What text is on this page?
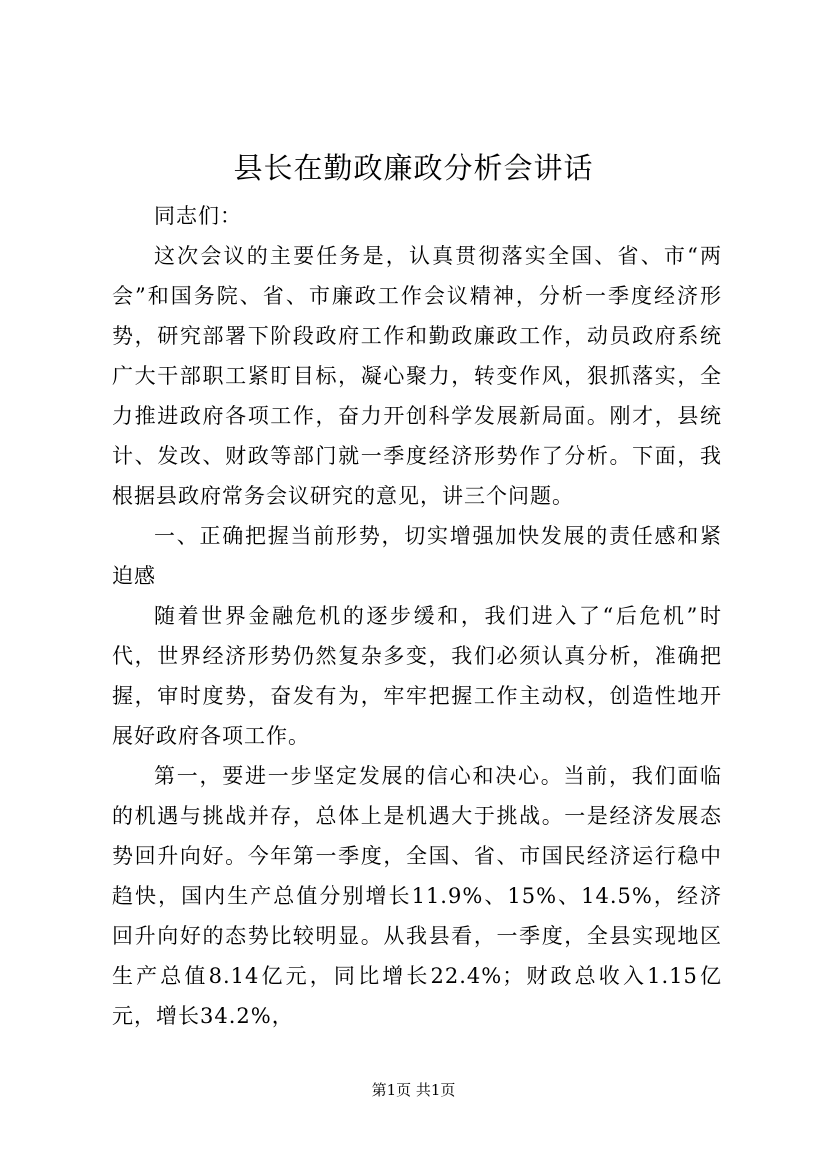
县长在勤政廉政分析会讲话

同志们：

这次会议的主要任务是，认真贯彻落实全国、省、市“两会”和国务院、省、市廉政工作会议精神，分析一季度经济形势，研究部署下阶段政府工作和勤政廉政工作，动员政府系统广大干部职工紧盯目标，凝心聚力，转变作风，狠抓落实，全力推进政府各项工作，奋力开创科学发展新局面。刚才，县统计、发改、财政等部门就一季度经济形势作了分析。下面，我根据县政府常务会议研究的意见，讲三个问题。

一、正确把握当前形势，切实增强加快发展的责任感和紧迫感

随着世界金融危机的逐步缓和，我们进入了“后危机”时代，世界经济形势仍然复杂多变，我们必须认真分析，准确把握，审时度势，奋发有为，牢牢把握工作主动权，创造性地开展好政府各项工作。

第一，要进一步坚定发展的信心和决心。当前，我们面临的机遇与挑战并存，总体上是机遇大于挑战。一是经济发展态势回升向好。今年第一季度，全国、省、市国民经济运行稳中趋快，国内生产总值分别增长11.9%、15%、14.5%，经济回升向好的态势比较明显。从我县看，一季度，全县实现地区生产总值8.14亿元，同比增长22.4%；财政总收入1.15亿元，增长34.2%，

第1页 共1页
